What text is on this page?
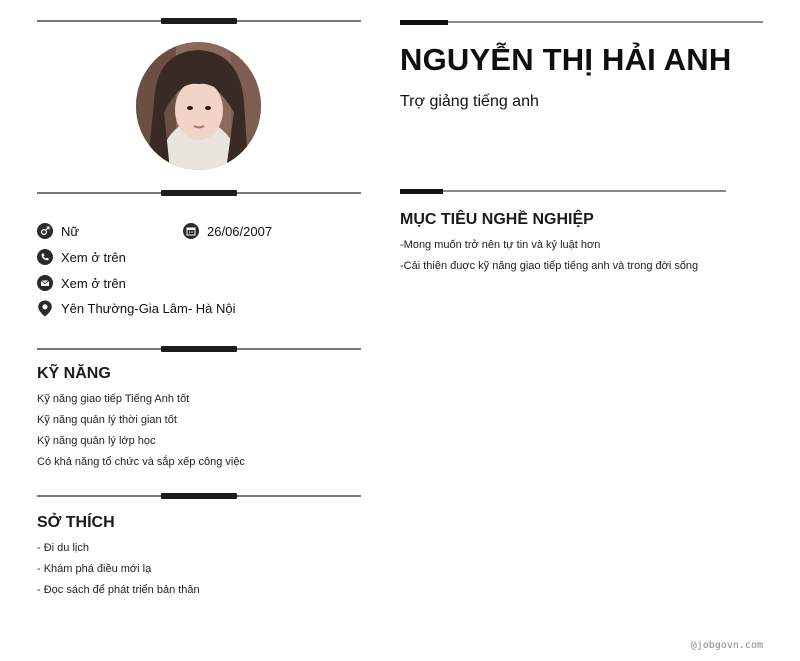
Nữ	26/06/2007
Xem ở trên
Xem ở trên
Yên Thường-Gia Lâm- Hà Nội
KỸ NĂNG
Kỹ năng giao tiếp Tiếng Anh tốt
Kỹ năng quản lý thời gian tốt
Kỹ năng quản lý lớp học
Có khả năng tổ chức và sắp xếp công việc
SỞ THÍCH
- Đi du lịch
- Khám phá điều mới lạ
- Đọc sách để phát triển bản thân
NGUYỄN THỊ HẢI ANH
Trợ giảng tiếng anh
MỤC TIÊU NGHỀ NGHIỆP
-Mong muốn trở nên tự tin và kỷ luật hơn
-Cải thiện đuợc kỹ năng giao tiếp tiếng anh và trong đời sống
@jobgovn.com
